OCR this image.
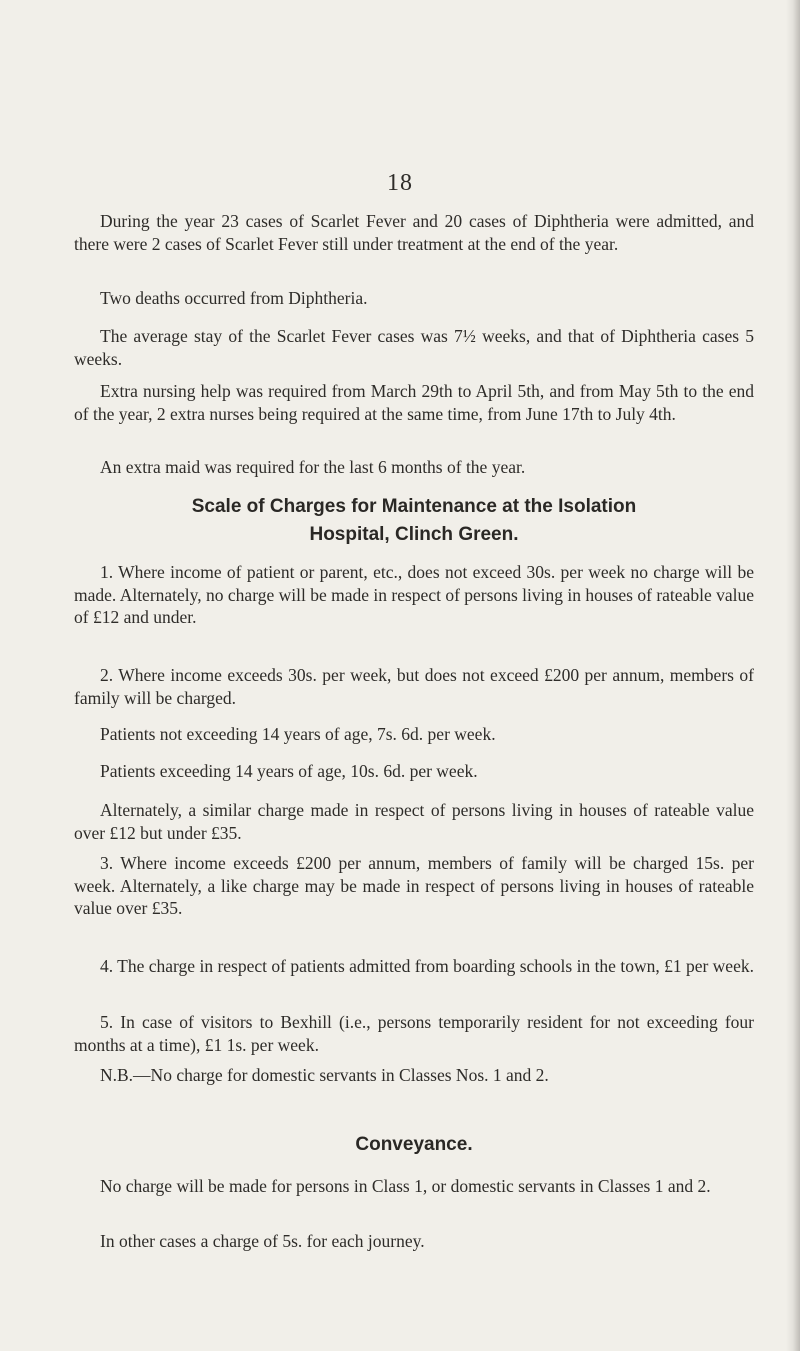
18

During the year 23 cases of Scarlet Fever and 20 cases of Diphtheria were admitted, and there were 2 cases of Scarlet Fever still under treatment at the end of the year.

Two deaths occurred from Diphtheria.

The average stay of the Scarlet Fever cases was 7½ weeks, and that of Diphtheria cases 5 weeks.

Extra nursing help was required from March 29th to April 5th, and from May 5th to the end of the year, 2 extra nurses being required at the same time, from June 17th to July 4th.

An extra maid was required for the last 6 months of the year.

Scale of Charges for Maintenance at the Isolation
Hospital, Clinch Green.

1. Where income of patient or parent, etc., does not exceed 30s. per week no charge will be made. Alternately, no charge will be made in respect of persons living in houses of rateable value of £12 and under.

2. Where income exceeds 30s. per week, but does not exceed £200 per annum, members of family will be charged.

Patients not exceeding 14 years of age, 7s. 6d. per week.

Patients exceeding 14 years of age, 10s. 6d. per week.

Alternately, a similar charge made in respect of persons living in houses of rateable value over £12 but under £35.

3. Where income exceeds £200 per annum, members of family will be charged 15s. per week. Alternately, a like charge may be made in respect of persons living in houses of rateable value over £35.

4. The charge in respect of patients admitted from boarding schools in the town, £1 per week.

5. In case of visitors to Bexhill (i.e., persons temporarily resident for not exceeding four months at a time), £1 1s. per week.

N.B.—No charge for domestic servants in Classes Nos. 1 and 2.

Conveyance.

No charge will be made for persons in Class 1, or domestic servants in Classes 1 and 2.

In other cases a charge of 5s. for each journey.
